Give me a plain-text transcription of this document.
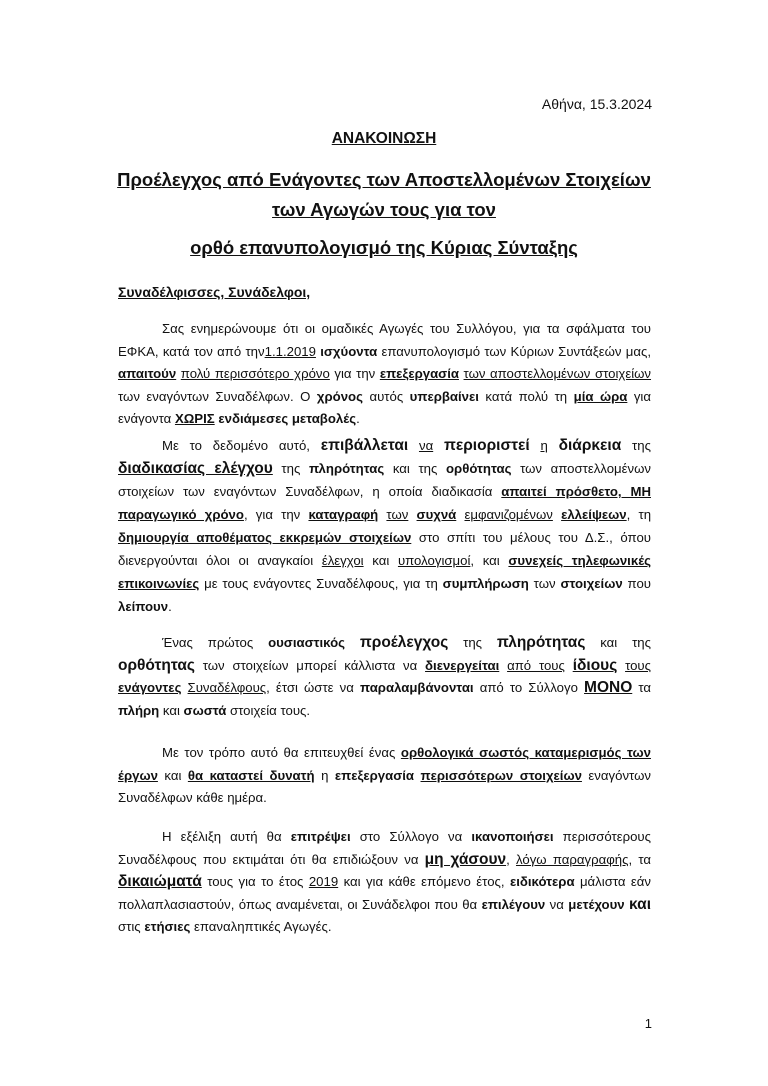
Αθήνα, 15.3.2024
ΑΝΑΚΟΙΝΩΣΗ
Προέλεγχος από Ενάγοντες των Αποστελλομένων Στοιχείων
των Αγωγών τους για τον
ορθό επανυπολογισμό της Κύριας Σύνταξης
Συναδέλφισσες, Συνάδελφοι,

Σας ενημερώνουμε ότι οι ομαδικές Αγωγές του Συλλόγου, για τα σφάλματα του ΕΦΚΑ, κατά τον από την1.1.2019 ισχύοντα επανυπολογισμό των Κύριων Συντάξεών μας, απαιτούν πολύ περισσότερο χρόνο για την επεξεργασία των αποστελλομένων στοιχείων των εναγόντων Συναδέλφων. Ο χρόνος αυτός υπερβαίνει κατά πολύ τη μία ώρα για ενάγοντα ΧΩΡΙΣ ενδιάμεσες μεταβολές.

Με το δεδομένο αυτό, επιβάλλεται να περιοριστεί η διάρκεια της διαδικασίας ελέγχου της πληρότητας και της ορθότητας των αποστελλομένων στοιχείων των εναγόντων Συναδέλφων, η οποία διαδικασία απαιτεί πρόσθετο, ΜΗ παραγωγικό χρόνο, για την καταγραφή των συχνά εμφανιζομένων ελλείψεων, τη δημιουργία αποθέματος εκκρεμών στοιχείων στο σπίτι του μέλους του Δ.Σ., όπου διενεργούνται όλοι οι αναγκαίοι έλεγχοι και υπολογισμοί, και συνεχείς τηλεφωνικές επικοινωνίες με τους ενάγοντες Συναδέλφους, για τη συμπλήρωση των στοιχείων που λείπουν.

Ένας πρώτος ουσιαστικός προέλεγχος της πληρότητας και της ορθότητας των στοιχείων μπορεί κάλλιστα να διενεργείται από τους ίδιους τους ενάγοντες Συναδέλφους, έτσι ώστε να παραλαμβάνονται από το Σύλλογο ΜΟΝΟ τα πλήρη και σωστά στοιχεία τους.

Με τον τρόπο αυτό θα επιτευχθεί ένας ορθολογικά σωστός καταμερισμός των έργων και θα καταστεί δυνατή η επεξεργασία περισσότερων στοιχείων εναγόντων Συναδέλφων κάθε ημέρα.

Η εξέλιξη αυτή θα επιτρέψει στο Σύλλογο να ικανοποιήσει περισσότερους Συναδέλφους που εκτιμάται ότι θα επιδιώξουν να μη χάσουν, λόγω παραγραφής, τα δικαιώματά τους για το έτος 2019 και για κάθε επόμενο έτος, ειδικότερα μάλιστα εάν πολλαπλασιαστούν, όπως αναμένεται, οι Συνάδελφοι που θα επιλέγουν να μετέχουν και στις ετήσιες επαναληπτικές Αγωγές.

1
